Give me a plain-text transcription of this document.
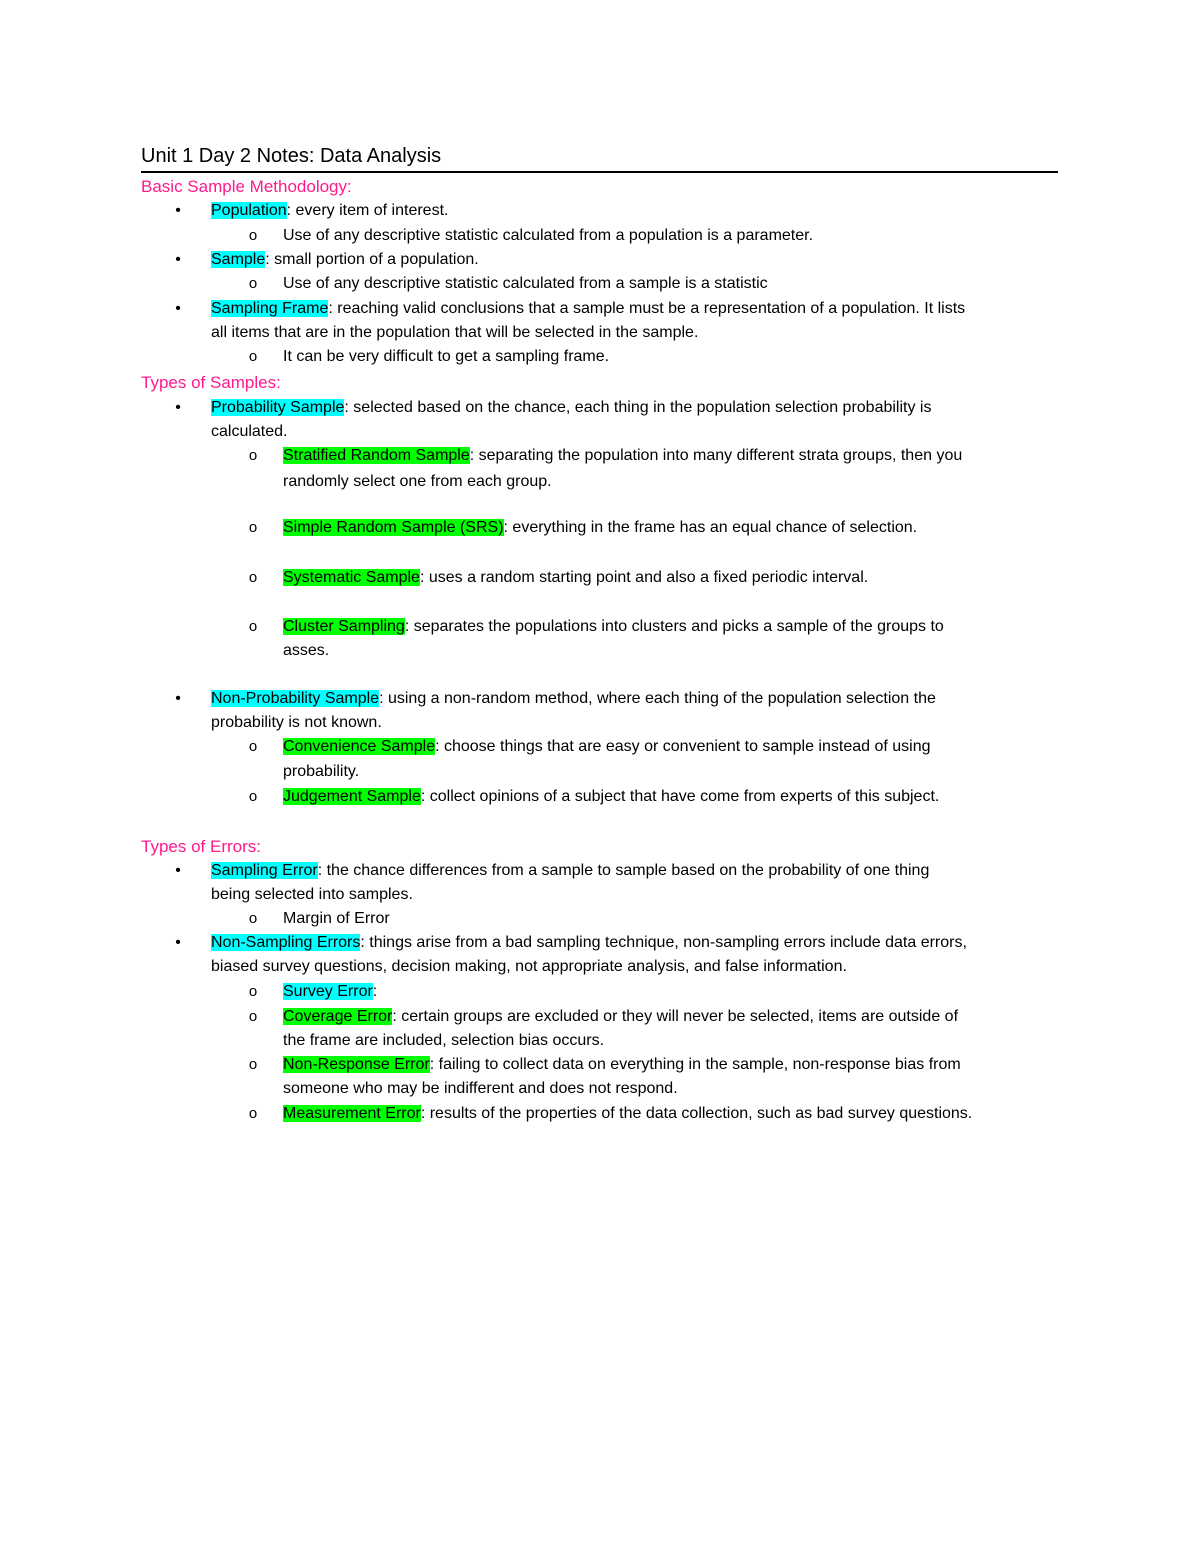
Unit 1 Day 2 Notes: Data Analysis
Basic Sample Methodology:
• Population: every item of interest.
o Use of any descriptive statistic calculated from a population is a parameter.
• Sample: small portion of a population.
o Use of any descriptive statistic calculated from a sample is a statistic
• Sampling Frame: reaching valid conclusions that a sample must be a representation of a population. It lists
all items that are in the population that will be selected in the sample.
o It can be very difficult to get a sampling frame.
Types of Samples:
• Probability Sample: selected based on the chance, each thing in the population selection probability is
calculated.
o Stratified Random Sample: separating the population into many different strata groups, then you
randomly select one from each group.
o Simple Random Sample (SRS): everything in the frame has an equal chance of selection.
o Systematic Sample: uses a random starting point and also a fixed periodic interval.
o Cluster Sampling: separates the populations into clusters and picks a sample of the groups to
asses.
• Non-Probability Sample: using a non-random method, where each thing of the population selection the
probability is not known.
o Convenience Sample: choose things that are easy or convenient to sample instead of using
probability.
o Judgement Sample: collect opinions of a subject that have come from experts of this subject.
Types of Errors:
• Sampling Error: the chance differences from a sample to sample based on the probability of one thing
being selected into samples.
o Margin of Error
• Non-Sampling Errors: things arise from a bad sampling technique, non-sampling errors include data errors,
biased survey questions, decision making, not appropriate analysis, and false information.
o Survey Error:
o Coverage Error: certain groups are excluded or they will never be selected, items are outside of
the frame are included, selection bias occurs.
o Non-Response Error: failing to collect data on everything in the sample, non-response bias from
someone who may be indifferent and does not respond.
o Measurement Error: results of the properties of the data collection, such as bad survey questions.
